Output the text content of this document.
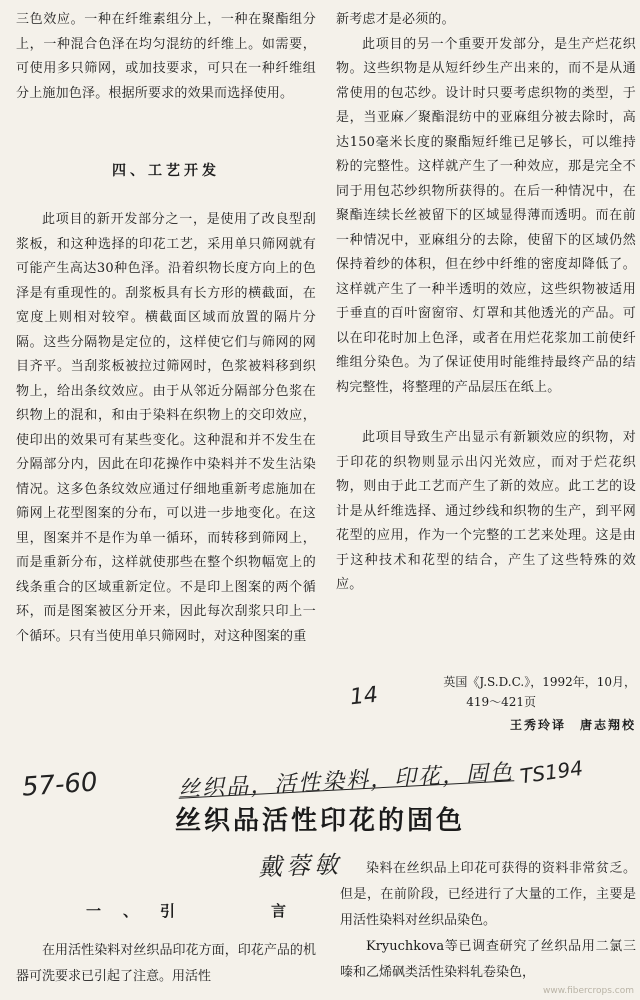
三色效应。一种在纤维素组分上，一种在聚酯组分上，一种混合色泽在均匀混纺的纤维上。如需要，可使用多只筛网，或加技要求，可只在一种纤维组分上施加色泽。根据所要求的效果而选择使用。

此项目的新开发部分之一，是使用了改良型刮浆板，和这种选择的印花工艺，采用单只筛网就有可能产生高达30种色泽。沿着织物长度方向上的色泽是有重现性的。刮浆板具有长方形的横截面，在宽度上则相对较窄。横截面区域而放置的隔片分隔。这些分隔物是定位的，这样使它们与筛网的网目齐平。当刮浆板被拉过筛网时，色浆被料移到织物上，给出条纹效应。由于从邻近分隔部分色浆在织物上的混和，和由于染料在织物上的交印效应，使印出的效果可有某些变化。这种混和并不发生在分隔部分内，因此在印花操作中染料并不发生沾染情况。这多色条纹效应通过仔细地重新考虑施加在筛网上花型图案的分布，可以进一步地变化。在这里，图案并不是作为单一循环，而转移到筛网上，而是重新分布，这样就使那些在整个织物幅宽上的线条重合的区域重新定位。不是印上图案的两个循环，而是图案被区分开来，因此每次刮浆只印上一个循环。只有当使用单只筛网时，对这种图案的重

四、工艺开发

新考虑才是必须的。

此项目的另一个重要开发部分，是生产烂花织物。这些织物是从短纤纱生产出来的，而不是从通常使用的包芯纱。设计时只要考虑织物的类型，于是，当亚麻／聚酯混纺中的亚麻组分被去除时，高达150毫米长度的聚酯短纤维已足够长，可以维持粉的完整性。这样就产生了一种效应，那是完全不同于用包芯纱织物所获得的。在后一种情况中，在聚酯连续长丝被留下的区域显得薄而透明。而在前一种情况中，亚麻组分的去除，使留下的区域仍然保持着纱的体积，但在纱中纤维的密度却降低了。这样就产生了一种半透明的效应，这些织物被适用于垂直的百叶窗窗帘、灯罩和其他透光的产品。可以在印花时加上色泽，或者在用烂花浆加工前使纤维组分染色。为了保证使用时能维持最终产品的结构完整性，将整理的产品层压在纸上。

此项目导致生产出显示有新颖效应的织物，对于印花的织物则显示出闪光效应，而对于烂花织物，则由于此工艺而产生了新的效应。此工艺的设计是从纤维选择、通过纱线和织物的生产，到平网花型的应用，作为一个完整的工艺来处理。这是由于这种技术和花型的结合，产生了这些特殊的效应。

英国《J.S.D.C.》，1992年，10月，
419～421页
王秀玲译　唐志翔校
14
57-60	丝织品，活性染料，印花，固色 TS194
丝织品活性印花的固色
戴蓉敏
一、引　　言
在用活性染料对丝织品印花方面，印花产品的机器可洗要求已引起了注意。用活性

染料在丝织品上印花可获得的资料非常贫乏。但是，在前阶段，已经进行了大量的工作，主要是用活性染料对丝织品染色。

Kryuchkova等已调查研究了丝织品用二氯三嗪和乙烯砜类活性染料轧卷染色，

www.fibercrops.com
